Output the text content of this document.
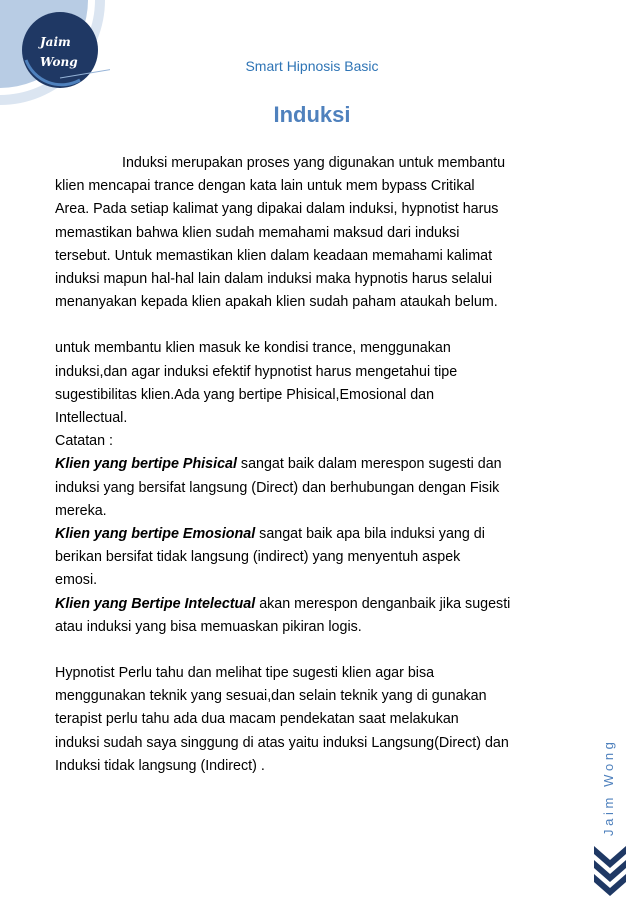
Jaim
Wong	Smart Hipnosis Basic
Induksi

Induksi merupakan proses yang digunakan untuk membantu
klien mencapai trance dengan kata lain untuk mem bypass Critikal
Area. Pada setiap kalimat yang dipakai dalam induksi, hypnotist harus
memastikan bahwa klien sudah memahami maksud dari induksi
tersebut. Untuk memastikan klien dalam keadaan memahami kalimat
induksi mapun hal-hal lain dalam induksi maka hypnotis harus selalui
menanyakan kepada klien apakah klien sudah paham ataukah belum.

untuk membantu klien masuk ke kondisi trance, menggunakan
induksi,dan agar induksi efektif hypnotist harus mengetahui tipe
sugestibilitas klien.Ada yang bertipe Phisical,Emosional dan
Intellectual.
Catatan :
Klien yang bertipe Phisical sangat baik dalam merespon sugesti dan
induksi yang bersifat langsung (Direct) dan berhubungan dengan Fisik
mereka.
Klien yang bertipe Emosional sangat baik apa bila induksi yang di
berikan bersifat tidak langsung (indirect) yang menyentuh aspek
emosi.
Klien yang Bertipe Intelectual akan merespon denganbaik jika sugesti
atau induksi yang bisa memuaskan pikiran logis.

Hypnotist Perlu tahu dan melihat tipe sugesti klien agar bisa
menggunakan teknik yang sesuai,dan selain teknik yang di gunakan
terapist perlu tahu ada dua macam pendekatan saat melakukan
induksi sudah saya singgung di atas yaitu induksi Langsung(Direct) dan
Induksi tidak langsung (Indirect) .	J a i m   W o n g
